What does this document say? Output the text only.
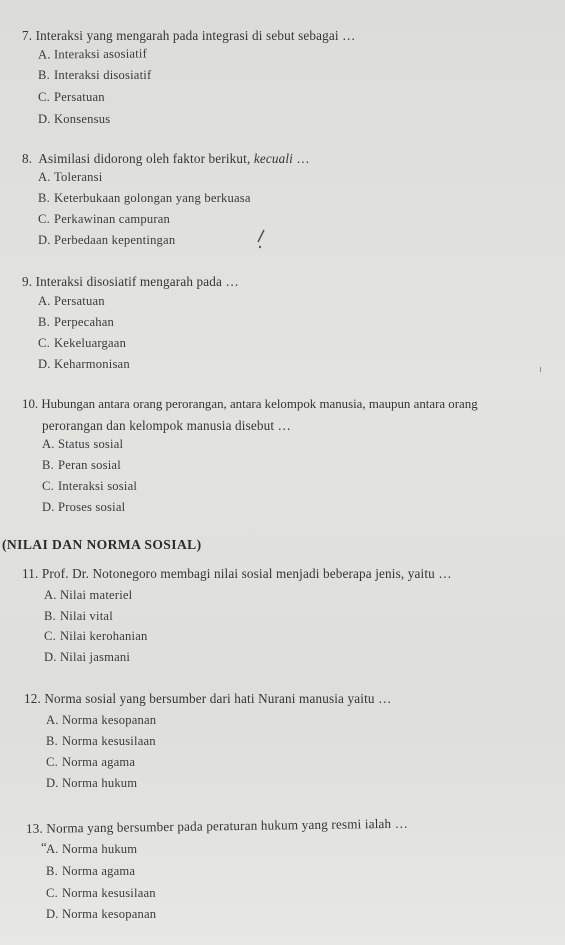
7. Interaksi yang mengarah pada integrasi di sebut sebagai …
A. Interaksi asosiatif
B. Interaksi disosiatif
C. Persatuan
D. Konsensus
8.  Asimilasi didorong oleh faktor berikut, kecuali …
A. Toleransi
B. Keterbukaan golongan yang berkuasa
C. Perkawinan campuran
D. Perbedaan kepentingan
9. Interaksi disosiatif mengarah pada …
A. Persatuan
B. Perpecahan
C. Kekeluargaan
D. Keharmonisan
10. Hubungan antara orang perorangan, antara kelompok manusia, maupun antara orang
perorangan dan kelompok manusia disebut …
A. Status sosial
B. Peran sosial
C. Interaksi sosial
D. Proses sosial
(NILAI DAN NORMA SOSIAL)
11. Prof. Dr. Notonegoro membagi nilai sosial menjadi beberapa jenis, yaitu …
A. Nilai materiel
B. Nilai vital
C. Nilai kerohanian
D. Nilai jasmani
12. Norma sosial yang bersumber dari hati Nurani manusia yaitu …
A. Norma kesopanan
B. Norma kesusilaan
C. Norma agama
D. Norma hukum
13. Norma yang bersumber pada peraturan hukum yang resmi ialah …
“ A. Norma hukum
B. Norma agama
C. Norma kesusilaan
D. Norma kesopanan
